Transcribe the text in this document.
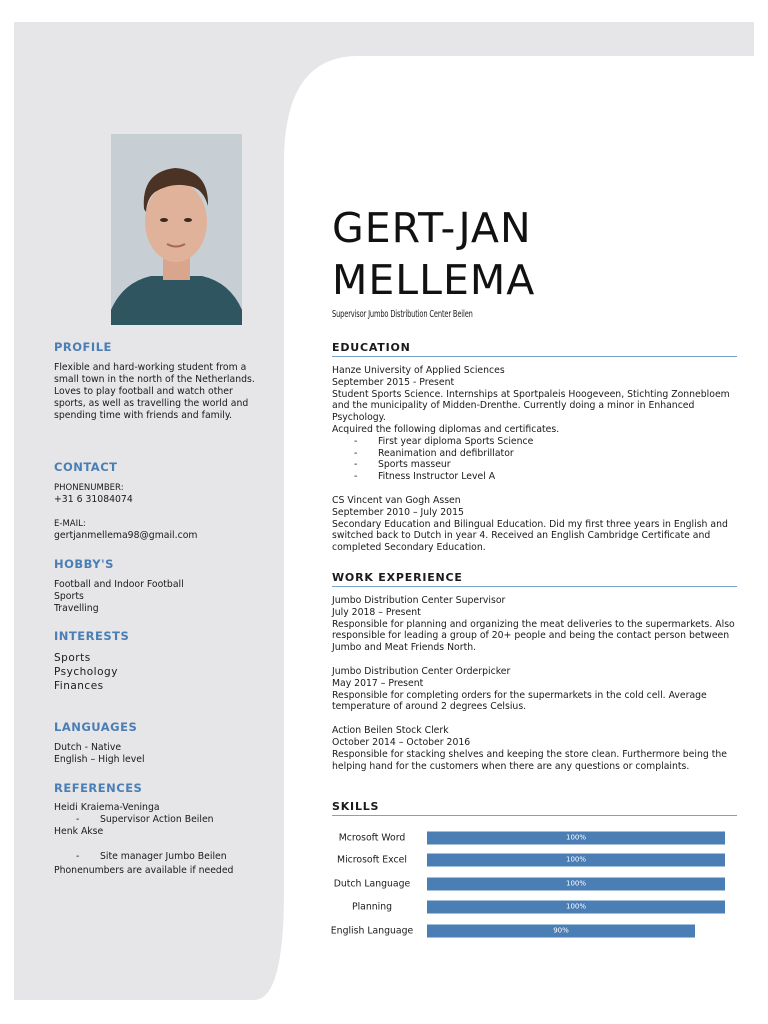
PROFILE
Flexible and hard-working student from a small town in the north of the Netherlands. Loves to play football and watch other sports, as well as travelling the world and spending time with friends and family.
CONTACT
PHONENUMBER:
+31 6 31084074
E-MAIL:
gertjanmellema98@gmail.com
HOBBY'S
Football and Indoor Football
Sports
Travelling
INTERESTS
Sports
Psychology
Finances
LANGUAGES
Dutch - Native
English – High level
REFERENCES
Heidi Kraiema-Veninga
- Supervisor Action Beilen
Henk Akse
- Site manager Jumbo Beilen
Phonenumbers are available if needed
GERT-JAN
MELLEMA
Supervisor Jumbo Distribution Center Beilen
EDUCATION

Hanze University of Applied Sciences

September 2015 - Present

Student Sports Science. Internships at Sportpaleis Hoogeveen, Stichting Zonnebloem and the municipality of Midden-Drenthe. Currently doing a minor in Enhanced Psychology.

Acquired the following diplomas and certificates.

- First year diploma Sports Science

- Reanimation and defibrillator

- Sports masseur

- Fitness Instructor Level A

CS Vincent van Gogh Assen

September 2010 – July 2015

Secondary Education and Bilingual Education. Did my first three years in English and switched back to Dutch in year 4. Received an English Cambridge Certificate and completed Secondary Education.

WORK EXPERIENCE

Jumbo Distribution Center Supervisor

July 2018 – Present

Responsible for planning and organizing the meat deliveries to the supermarkets. Also responsible for leading a group of 20+ people and being the contact person between Jumbo and Meat Friends North.

Jumbo Distribution Center Orderpicker

May 2017 – Present

Responsible for completing orders for the supermarkets in the cold cell. Average temperature of around 2 degrees Celsius.

Action Beilen Stock Clerk

October 2014 – October 2016

Responsible for stacking shelves and keeping the store clean. Furthermore being the helping hand for the customers when there are any questions or complaints.

SKILLS
Mcrosoft Word	100%
Microsoft Excel	100%
Dutch Language	100%
Planning	100%
English Language	90%
